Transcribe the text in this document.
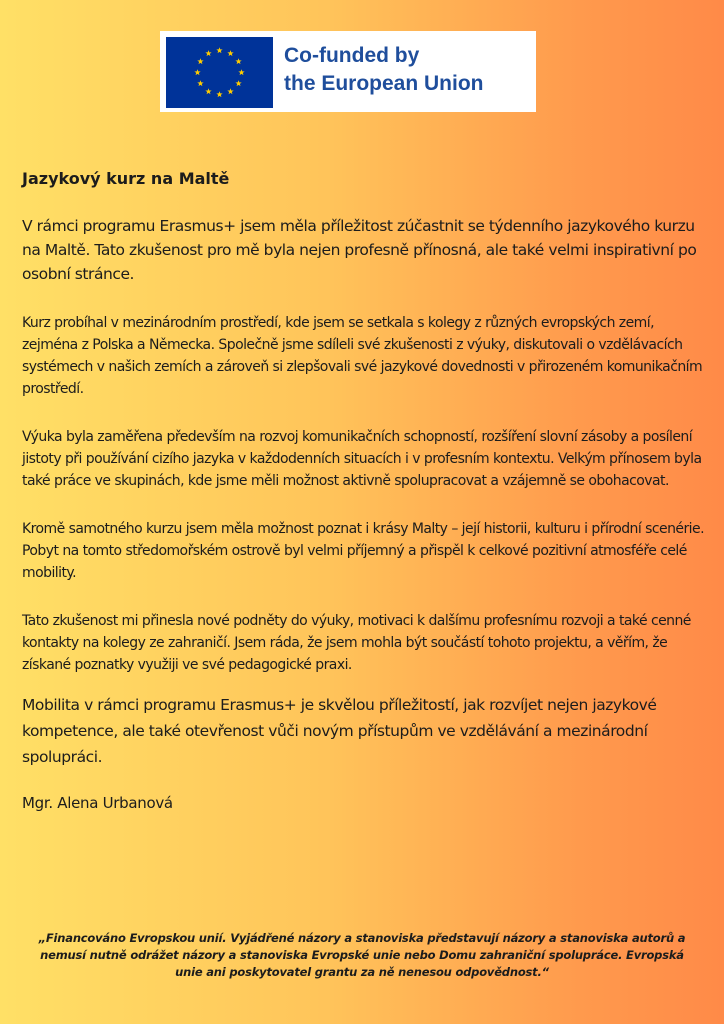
Co-funded by
the European Union
Jazykový kurz na Maltě

V rámci programu Erasmus+ jsem měla příležitost zúčastnit se týdenního jazykového kurzu na Maltě. Tato zkušenost pro mě byla nejen profesně přínosná, ale také velmi inspirativní po osobní stránce.

Kurz probíhal v mezinárodním prostředí, kde jsem se setkala s kolegy z různých evropských zemí, zejména z Polska a Německa. Společně jsme sdíleli své zkušenosti z výuky, diskutovali o vzdělávacích systémech v našich zemích a zároveň si zlepšovali své jazykové dovednosti v přirozeném komunikačním prostředí.

Výuka byla zaměřena především na rozvoj komunikačních schopností, rozšíření slovní zásoby a posílení jistoty při používání cizího jazyka v každodenních situacích i v profesním kontextu. Velkým přínosem byla také práce ve skupinách, kde jsme měli možnost aktivně spolupracovat a vzájemně se obohacovat.

Kromě samotného kurzu jsem měla možnost poznat i krásy Malty – její historii, kulturu i přírodní scenérie. Pobyt na tomto středomořském ostrově byl velmi příjemný a přispěl k celkové pozitivní atmosféře celé mobility.

Tato zkušenost mi přinesla nové podněty do výuky, motivaci k dalšímu profesnímu rozvoji a také cenné kontakty na kolegy ze zahraničí. Jsem ráda, že jsem mohla být součástí tohoto projektu, a věřím, že získané poznatky využiji ve své pedagogické praxi.

Mobilita v rámci programu Erasmus+ je skvělou příležitostí, jak rozvíjet nejen jazykové kompetence, ale také otevřenost vůči novým přístupům ve vzdělávání a mezinárodní spolupráci.

Mgr. Alena Urbanová

„Financováno Evropskou unií. Vyjádřené názory a stanoviska představují názory a stanoviska autorů a nemusí nutně odrážet názory a stanoviska Evropské unie nebo Domu zahraniční spolupráce. Evropská unie ani poskytovatel grantu za ně nenesou odpovědnost.“
